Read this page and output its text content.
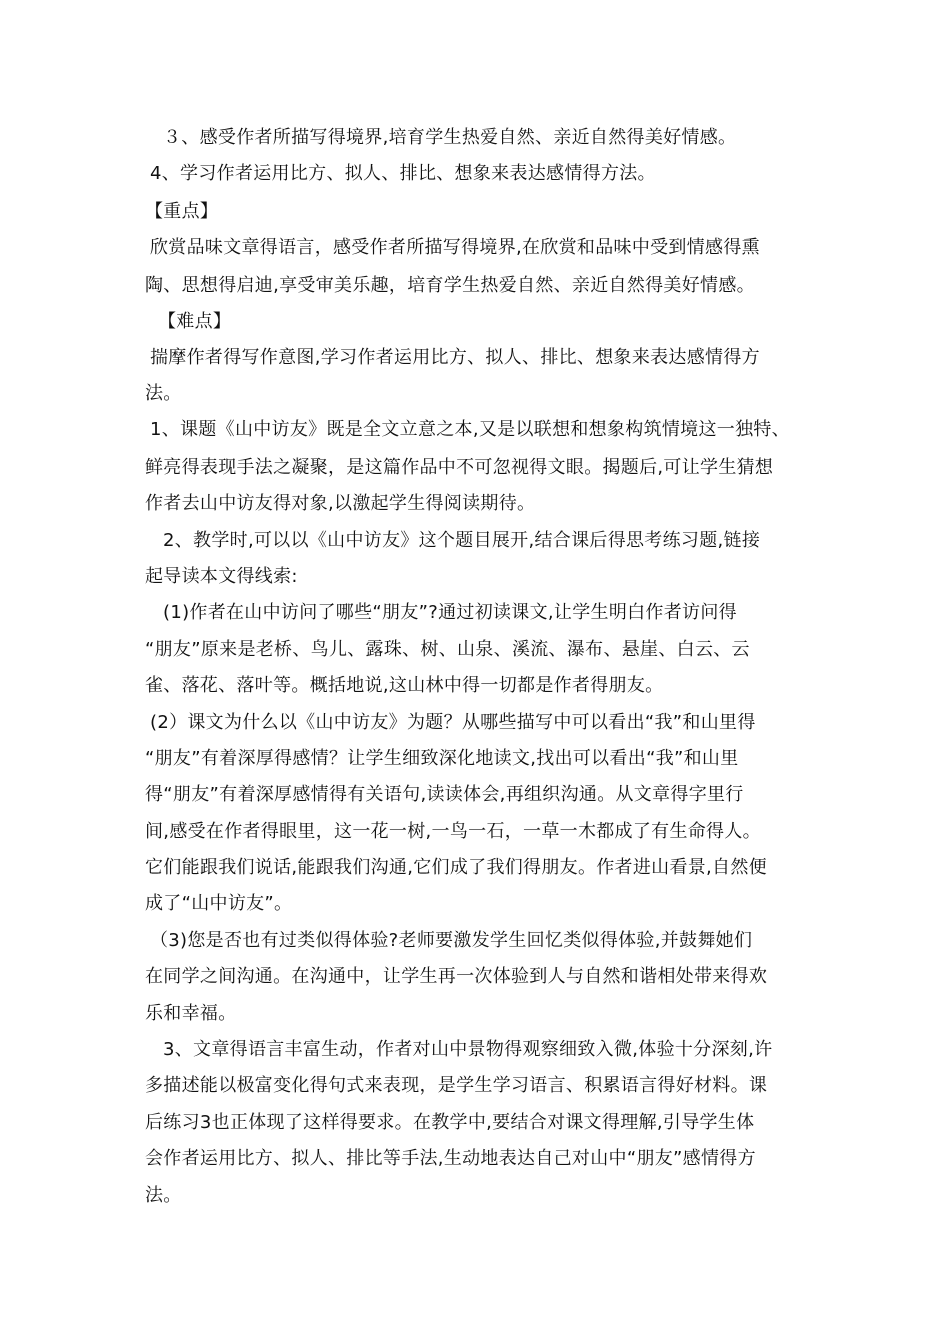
３、感受作者所描写得境界,培育学生热爱自然、亲近自然得美好情感。
4、学习作者运用比方、拟人、排比、想象来表达感情得方法。
【重点】
欣赏品味文章得语言，感受作者所描写得境界,在欣赏和品味中受到情感得熏
陶、思想得启迪,享受审美乐趣，培育学生热爱自然、亲近自然得美好情感。
【难点】
揣摩作者得写作意图,学习作者运用比方、拟人、排比、想象来表达感情得方
法。
1、课题《山中访友》既是全文立意之本,又是以联想和想象构筑情境这一独特、
鲜亮得表现手法之凝聚，是这篇作品中不可忽视得文眼。揭题后,可让学生猜想
作者去山中访友得对象,以激起学生得阅读期待。
2、教学时,可以以《山中访友》这个题目展开,结合课后得思考练习题,链接
起导读本文得线索:
(1)作者在山中访问了哪些“朋友”?通过初读课文,让学生明白作者访问得
“朋友”原来是老桥、鸟儿、露珠、树、山泉、溪流、瀑布、悬崖、白云、云
雀、落花、落叶等。概括地说,这山林中得一切都是作者得朋友。
(2）课文为什么以《山中访友》为题？从哪些描写中可以看出“我”和山里得
“朋友”有着深厚得感情？让学生细致深化地读文,找出可以看出“我”和山里
得“朋友”有着深厚感情得有关语句,读读体会,再组织沟通。从文章得字里行
间,感受在作者得眼里，这一花一树,一鸟一石，一草一木都成了有生命得人。
它们能跟我们说话,能跟我们沟通,它们成了我们得朋友。作者进山看景,自然便
成了“山中访友”。
（3)您是否也有过类似得体验?老师要激发学生回忆类似得体验,并鼓舞她们
在同学之间沟通。在沟通中，让学生再一次体验到人与自然和谐相处带来得欢
乐和幸福。
3、文章得语言丰富生动，作者对山中景物得观察细致入微,体验十分深刻,许
多描述能以极富变化得句式来表现，是学生学习语言、积累语言得好材料。课
后练习3也正体现了这样得要求。在教学中,要结合对课文得理解,引导学生体
会作者运用比方、拟人、排比等手法,生动地表达自己对山中“朋友”感情得方
法。
